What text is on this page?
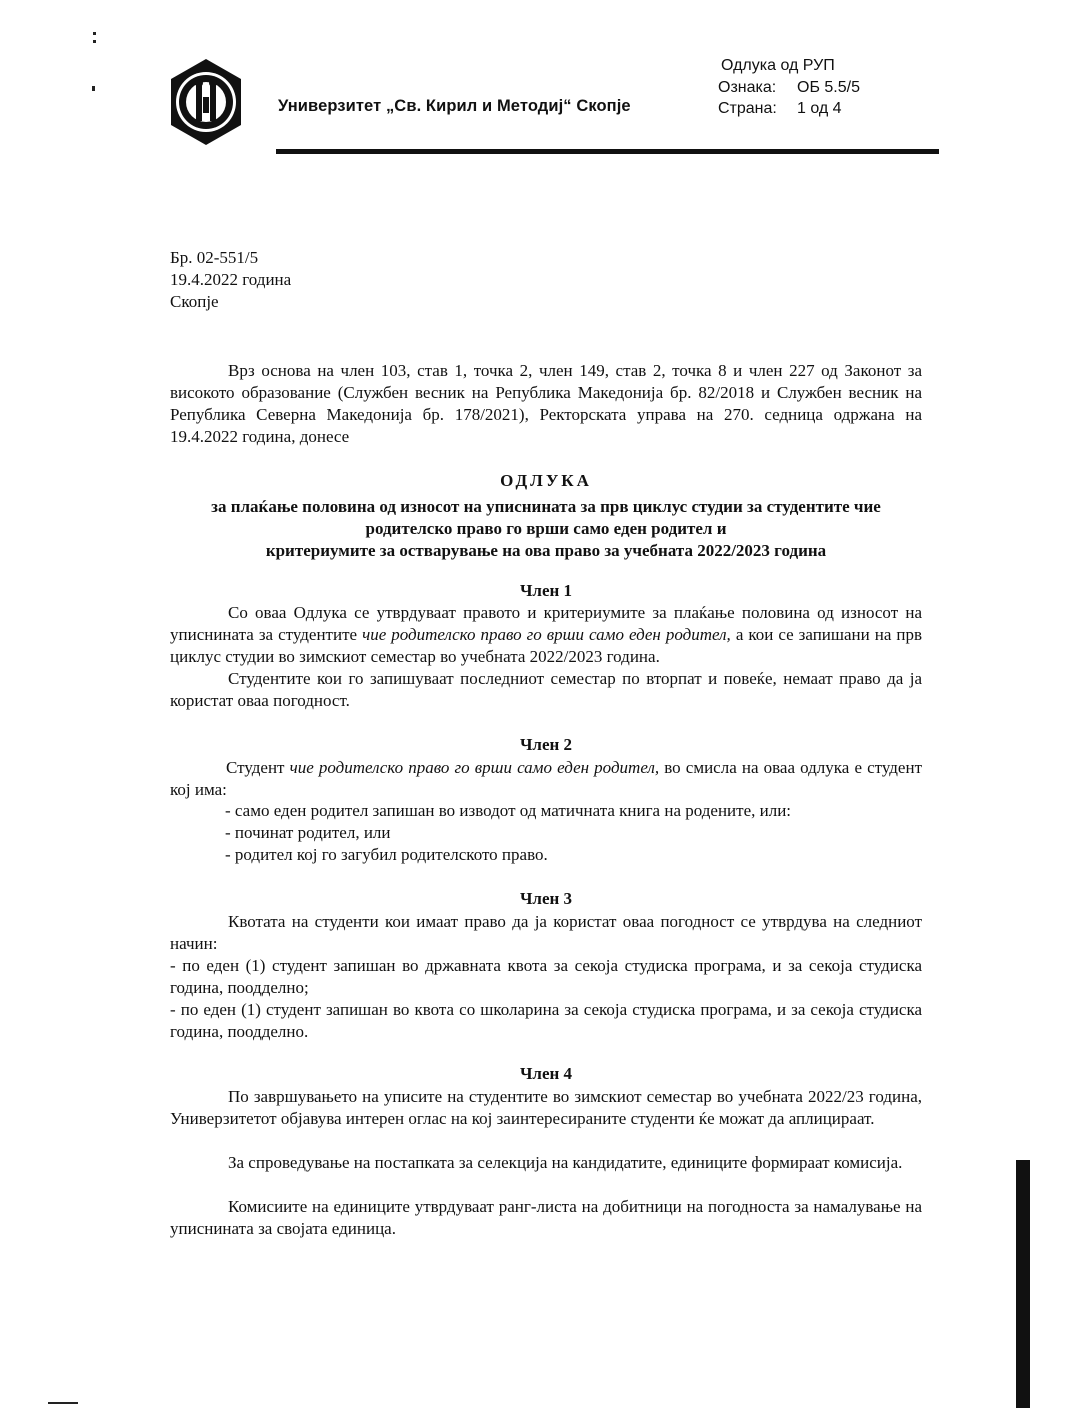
Универзитет „Св. Кирил и Методиј“ Скопје
Одлука од РУП
Ознака: ОБ 5.5/5
Страна: 1 од 4
Бр. 02-551/5
19.4.2022 година
Скопје
Врз основа на член 103, став 1, точка 2, член 149, став 2, точка 8 и член 227 од Законот за високото образование (Службен весник на Република Македонија бр. 82/2018 и Службен весник на Република Северна Македонија бр. 178/2021), Ректорската управа на 270. седница одржана на 19.4.2022 година, донесе
ОДЛУКА
за плаќање половина од износот на уписнината за прв циклус студии за студентите чие
родителско право го врши само еден родител и
критериумите за остварување на ова право за учебната 2022/2023 година
Член 1
Со оваа Одлука се утврдуваат правото и критериумите за плаќање половина од износот на уписнината за студентите чие родителско право го врши само еден родител, а кои се запишани на прв циклус студии во зимскиот семестар во учебната 2022/2023 година.
Студентите кои го запишуваат последниот семестар по вторпат и повеќе, немаат право да ја користат оваа погодност.
Член 2
Студент чие родителско право го врши само еден родител, во смисла на оваа одлука е студент кој има:
- само еден родител запишан во изводот од матичната книга на родените, или:
- починат родител, или
- родител кој го загубил родителското право.
Член 3
Квотата на студенти кои имаат право да ја користат оваа погодност се утврдува на следниот начин:
- по еден (1) студент запишан во државната квота за секоја студиска програма, и за секоја студиска година, поодделно;
- по еден (1) студент запишан во квота со школарина за секоја студиска програма, и за секоја студиска година, поодделно.
Член 4
По завршувањето на уписите на студентите во зимскиот семестар во учебната 2022/23 година, Универзитетот објавува интерен оглас на кој заинтересираните студенти ќе можат да аплицираат.
За спроведување на постапката за селекција на кандидатите, единиците формираат комисија.
Комисиите на единиците утврдуваат ранг-листа на добитници на погодноста за намалување на уписнината за својата единица.
